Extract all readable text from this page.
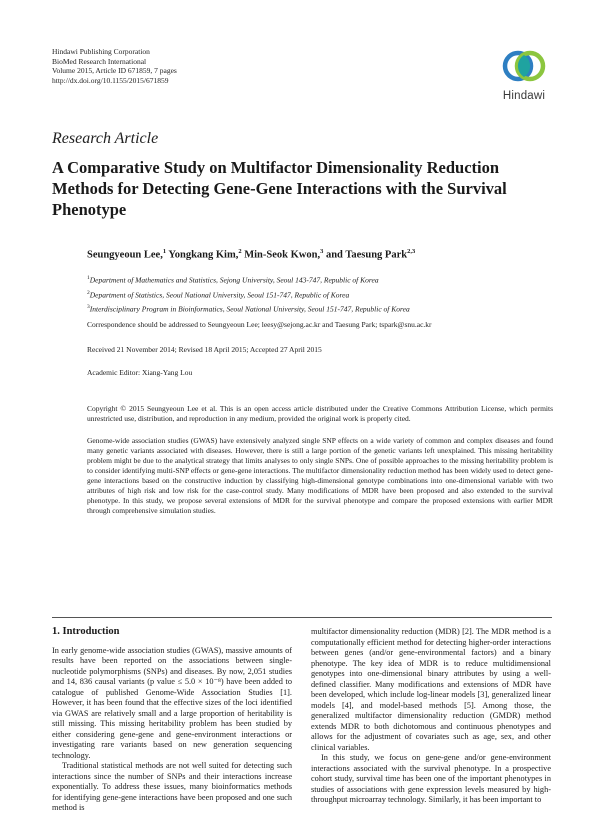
Hindawi Publishing Corporation
BioMed Research International
Volume 2015, Article ID 671859, 7 pages
http://dx.doi.org/10.1155/2015/671859
Hindawi
Research Article
A Comparative Study on Multifactor Dimensionality Reduction Methods for Detecting Gene-Gene Interactions with the Survival Phenotype
Seungyeoun Lee,$^1$ Yongkang Kim,$^2$ Min-Seok Kwon,$^3$ and Taesung Park$^{2,3}$
$^1$Department of Mathematics and Statistics, Sejong University, Seoul 143-747, Republic of Korea
$^2$Department of Statistics, Seoul National University, Seoul 151-747, Republic of Korea
$^3$Interdisciplinary Program in Bioinformatics, Seoul National University, Seoul 151-747, Republic of Korea
Correspondence should be addressed to Seungyeoun Lee; leesy@sejong.ac.kr and Taesung Park; tspark@snu.ac.kr
Received 21 November 2014; Revised 18 April 2015; Accepted 27 April 2015
Academic Editor: Xiang-Yang Lou
Copyright © 2015 Seungyeoun Lee et al. This is an open access article distributed under the Creative Commons Attribution License, which permits unrestricted use, distribution, and reproduction in any medium, provided the original work is properly cited.
Genome-wide association studies (GWAS) have extensively analyzed single SNP effects on a wide variety of common and complex diseases and found many genetic variants associated with diseases. However, there is still a large portion of the genetic variants left unexplained. This missing heritability problem might be due to the analytical strategy that limits analyses to only single SNPs. One of possible approaches to the missing heritability problem is to consider identifying multi-SNP effects or gene-gene interactions. The multifactor dimensionality reduction method has been widely used to detect gene-gene interactions based on the constructive induction by classifying high-dimensional genotype combinations into one-dimensional variable with two attributes of high risk and low risk for the case-control study. Many modifications of MDR have been proposed and also extended to the survival phenotype. In this study, we propose several extensions of MDR for the survival phenotype and compare the proposed extensions with earlier MDR through comprehensive simulation studies.
1. Introduction

In early genome-wide association studies (GWAS), massive amounts of results have been reported on the associations between single-nucleotide polymorphisms (SNPs) and diseases. By now, 2,051 studies and 14, 836 causal variants (p value ≤ 5.0 × 10⁻⁸) have been added to catalogue of published Genome-Wide Association Studies [1]. However, it has been found that the effective sizes of the loci identified via GWAS are relatively small and a large proportion of heritability is still missing. This missing heritability problem has been studied by either considering gene-gene and gene-environment interactions or investigating rare variants based on new generation sequencing technology.

Traditional statistical methods are not well suited for detecting such interactions since the number of SNPs and their interactions increase exponentially. To address these issues, many bioinformatics methods for identifying gene-gene interactions have been proposed and one such method is

multifactor dimensionality reduction (MDR) [2]. The MDR method is a computationally efficient method for detecting higher-order interactions between genes (and/or gene-environmental factors) and a binary phenotype. The key idea of MDR is to reduce multidimensional genotypes into one-dimensional binary attributes by using a well-defined classifier. Many modifications and extensions of MDR have been developed, which include log-linear models [3], generalized linear models [4], and model-based methods [5]. Among those, the generalized multifactor dimensionality reduction (GMDR) method extends MDR to both dichotomous and continuous phenotypes and allows for the adjustment of covariates such as age, sex, and other clinical variables.

In this study, we focus on gene-gene and/or gene-environment interactions associated with the survival phenotype. In a prospective cohort study, survival time has been one of the important phenotypes in studies of associations with gene expression levels measured by high-throughput microarray technology. Similarly, it has been important to
